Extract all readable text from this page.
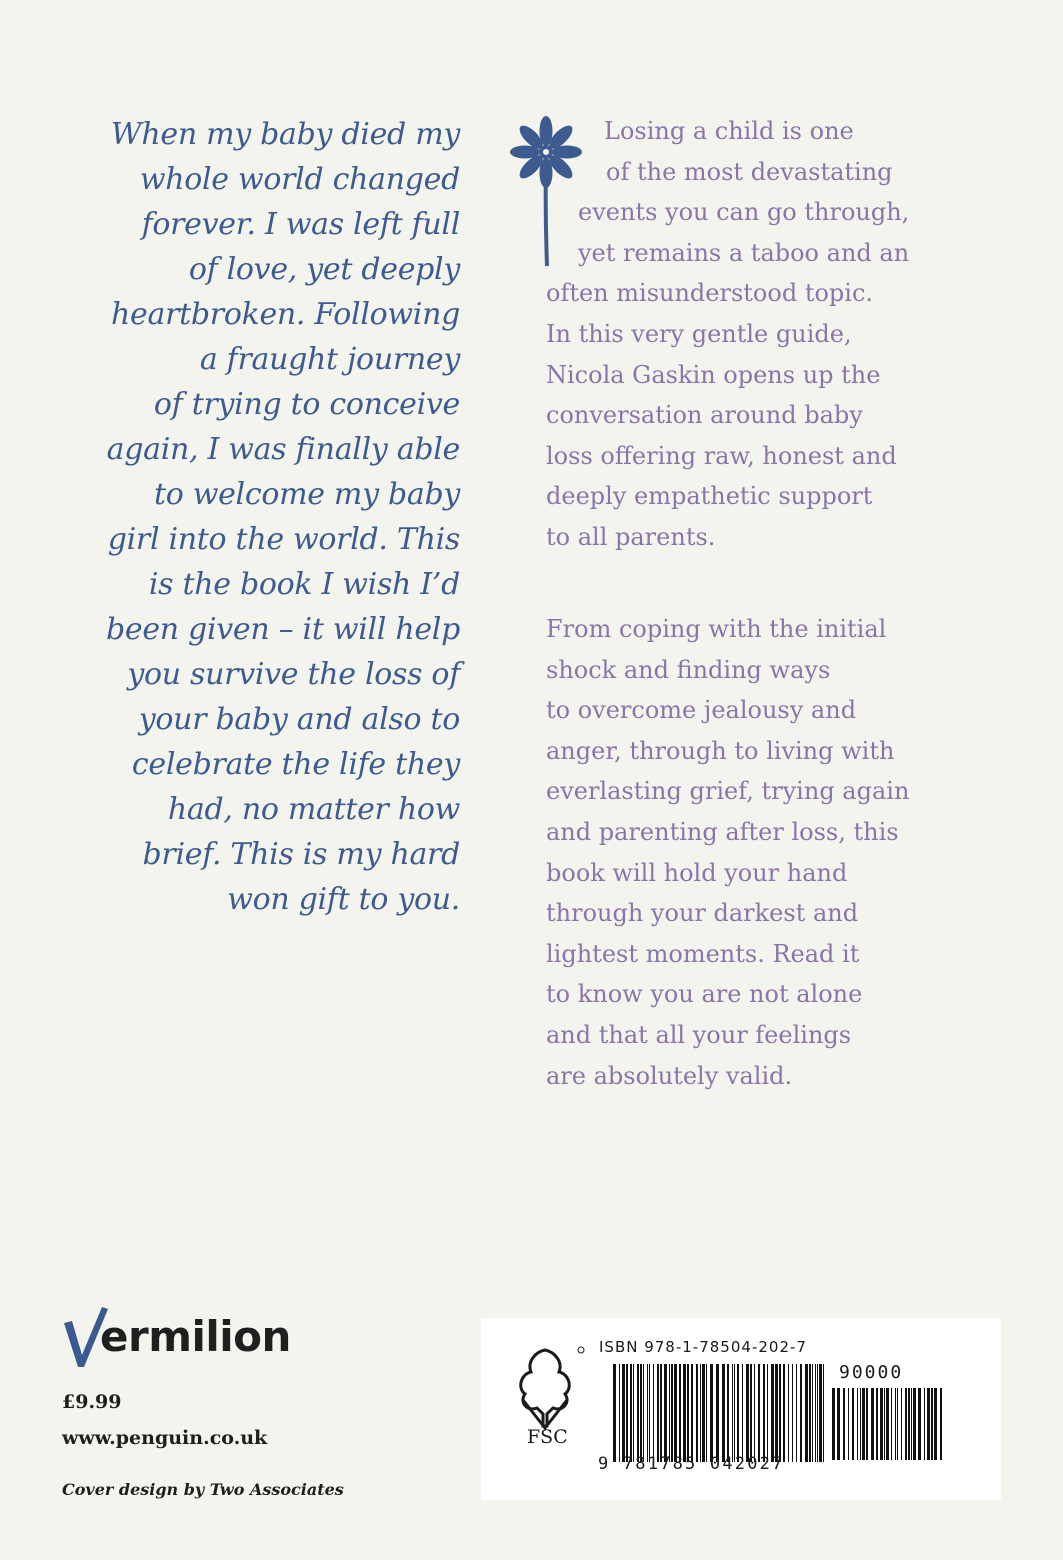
When my baby died my
whole world changed
forever. I was left full
of love, yet deeply
heartbroken. Following
a fraught journey
of trying to conceive
again, I was finally able
to welcome my baby
girl into the world. This
is the book I wish I’d
been given – it will help
you survive the loss of
your baby and also to
celebrate the life they
had, no matter how
brief. This is my hard
won gift to you.
Losing a child is one
of the most devastating
events you can go through,
yet remains a taboo and an
often misunderstood topic.
In this very gentle guide,
Nicola Gaskin opens up the
conversation around baby
loss offering raw, honest and
deeply empathetic support
to all parents.
From coping with the initial
shock and finding ways
to overcome jealousy and
anger, through to living with
everlasting grief, trying again
and parenting after loss, this
book will hold your hand
through your darkest and
lightest moments. Read it
to know you are not alone
and that all your feelings
are absolutely valid.
ermilion
£9.99
www.penguin.co.uk
Cover design by Two Associates
ISBN 978-1-78504-202-7
FSC
90000
9 781785 042027
